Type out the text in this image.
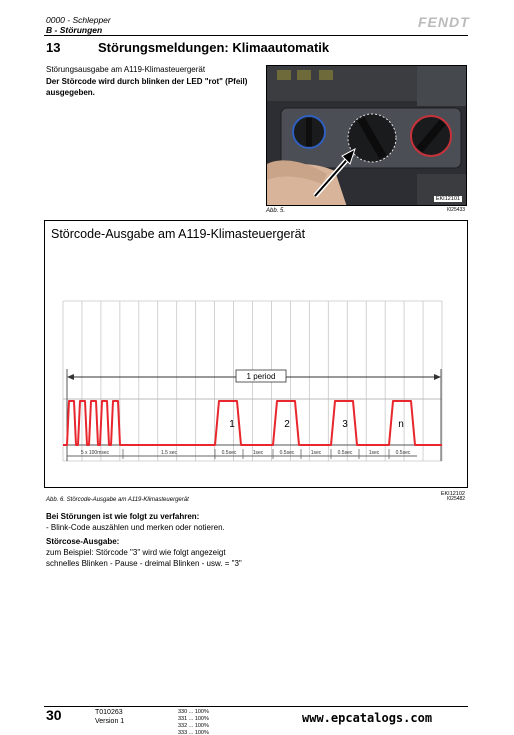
0000 - Schlepper
B - Störungen	FENDT
13	Störungsmeldungen: Klimaautomatik
Störungsausgabe am A119-Klimasteuergerät
Der Störcode wird durch blinken der LED "rot" (Pfeil) ausgegeben.
EKI12101
Abb. 5.	I025433
Störcode-Ausgabe am A119-Klimasteuergerät
1 period
1	2	3	n
5 x 100msec	1.5 sec	0.5sec	1sec	0.5sec	1sec	0.5sec	1sec	0.5sec
EKI12102
Abb. 6. Störcode-Ausgabe am A119-Klimasteuergerät	I025482
Bei Störungen ist wie folgt zu verfahren:
- Blink-Code auszählen und merken oder notieren.
Störcose-Ausgabe:
zum Beispiel: Störcode "3" wird wie folgt angezeigt
schnelles Blinken - Pause - dreimal Blinken - usw. = "3"
30	T010263
Version 1
330 ... 100%
331 ... 100%
332 ... 100%
333 ... 100%
www.epcatalogs.com
